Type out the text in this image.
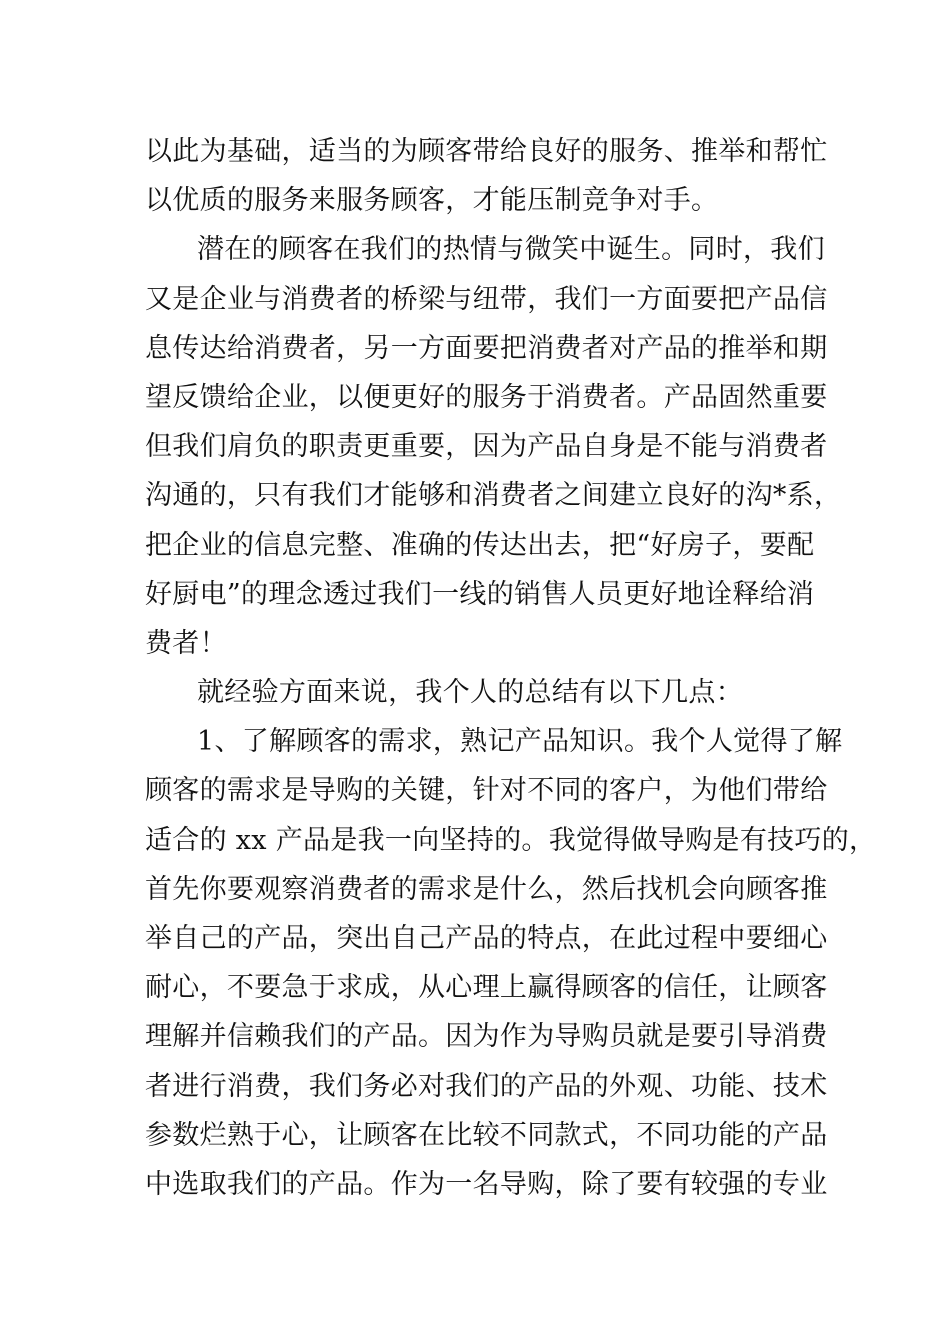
以此为基础，适当的为顾客带给良好的服务、推举和帮忙
以优质的服务来服务顾客，才能压制竞争对手。
潜在的顾客在我们的热情与微笑中诞生。同时，我们
又是企业与消费者的桥梁与纽带，我们一方面要把产品信
息传达给消费者，另一方面要把消费者对产品的推举和期
望反馈给企业，以便更好的服务于消费者。产品固然重要
但我们肩负的职责更重要，因为产品自身是不能与消费者
沟通的，只有我们才能够和消费者之间建立良好的沟*系，
把企业的信息完整、准确的传达出去，把“好房子，要配
好厨电”的理念透过我们一线的销售人员更好地诠释给消
费者！
就经验方面来说，我个人的总结有以下几点：
1、了解顾客的需求，熟记产品知识。我个人觉得了解
顾客的需求是导购的关键，针对不同的客户，为他们带给
适合的 xx 产品是我一向坚持的。我觉得做导购是有技巧的，
首先你要观察消费者的需求是什么，然后找机会向顾客推
举自己的产品，突出自己产品的特点，在此过程中要细心
耐心，不要急于求成，从心理上赢得顾客的信任，让顾客
理解并信赖我们的产品。因为作为导购员就是要引导消费
者进行消费，我们务必对我们的产品的外观、功能、技术
参数烂熟于心，让顾客在比较不同款式，不同功能的产品
中选取我们的产品。作为一名导购，除了要有较强的专业
